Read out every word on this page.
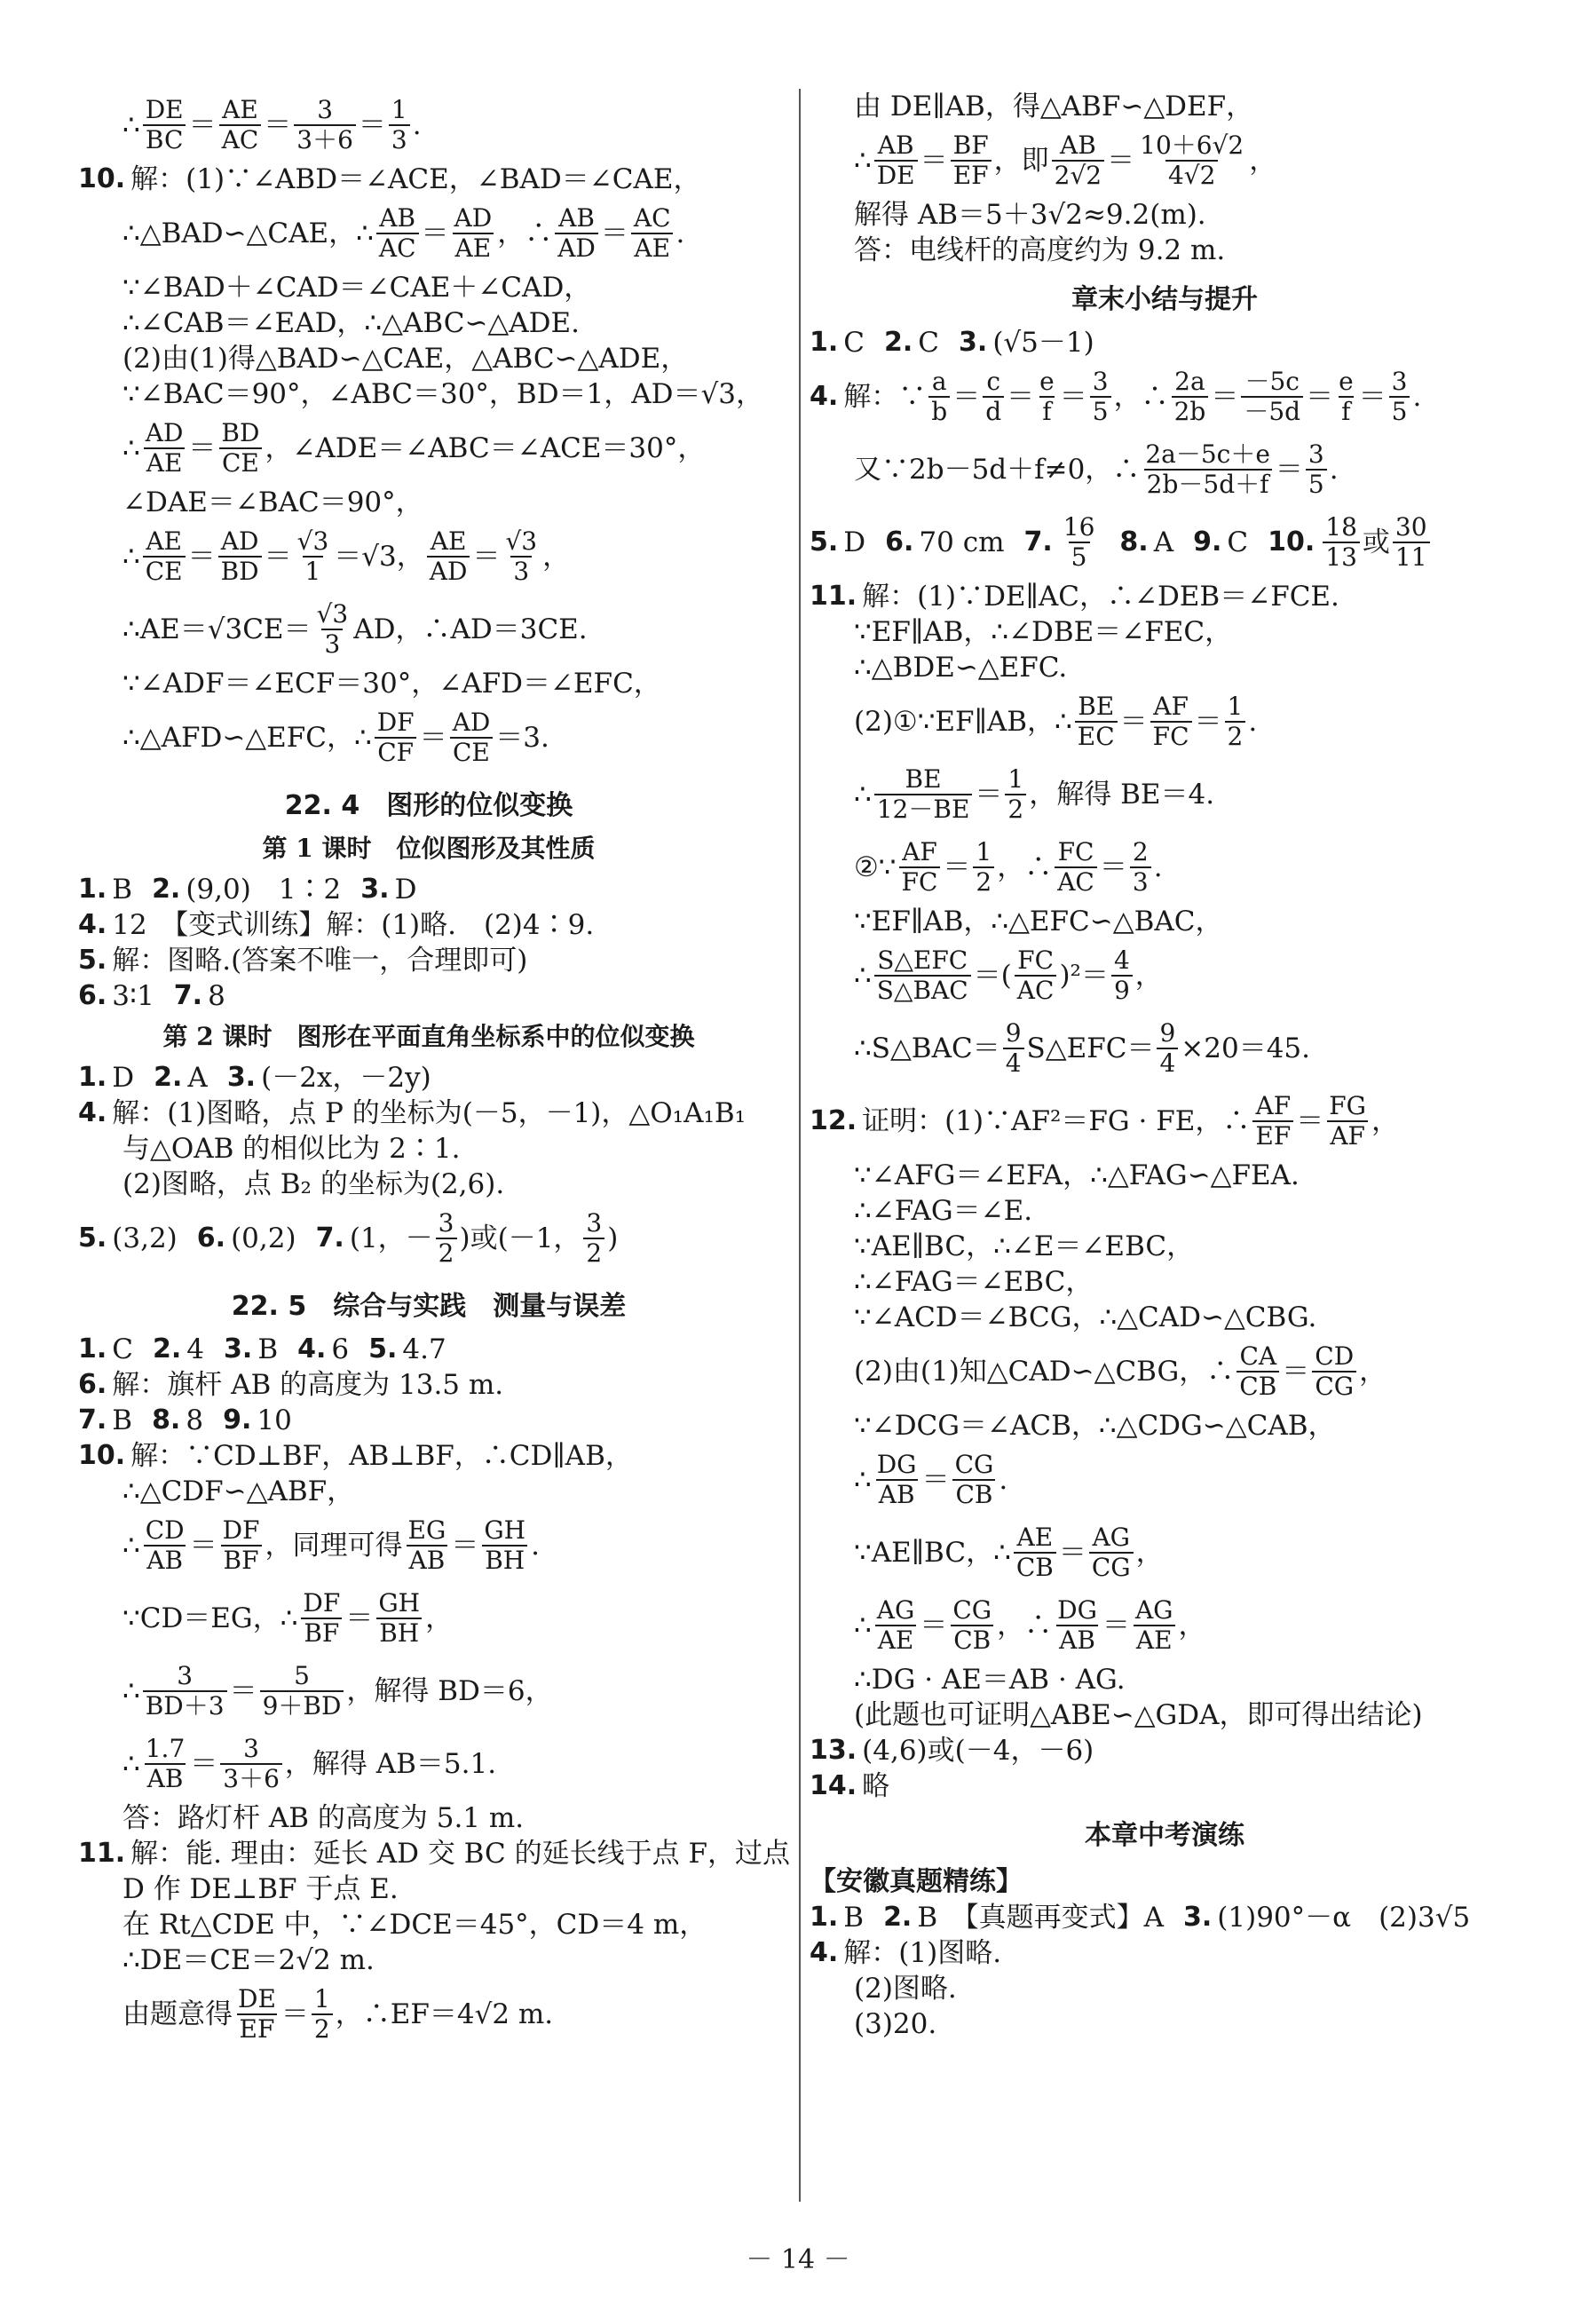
∴ $\frac{DE}{BC} = \frac{AE}{AC} = \frac{3}{3+6} = \frac{1}{3}$ .
10. 解：(1)∵∠ABD＝∠ACE，∠BAD＝∠CAE，
∴△BAD∽△CAE，∴ $\frac{AB}{AC} = \frac{AD}{AE}$ ，∴ $\frac{AB}{AD} = \frac{AC}{AE}$ .
∵∠BAD＋∠CAD＝∠CAE＋∠CAD，
∴∠CAB＝∠EAD，∴△ABC∽△ADE.
(2)由(1)得△BAD∽△CAE，△ABC∽△ADE，
∵∠BAC＝90°，∠ABC＝30°，BD＝1，AD＝√3，
∴ $\frac{AD}{AE} = \frac{BD}{CE}$ ，∠ADE＝∠ABC＝∠ACE＝30°，
∠DAE＝∠BAC＝90°，
∴ $\frac{AE}{CE} = \frac{AD}{BD} = \frac{√3}{1} =√3$， $\frac{AE}{AD} = \frac{√3}{3}$ ，
∴AE＝√3CE＝ $\frac{√3}{3}$ AD，∴AD＝3CE.
∵∠ADF＝∠ECF＝30°，∠AFD＝∠EFC，
∴△AFD∽△EFC，∴ $\frac{DF}{CF} = \frac{AD}{CE} =3$.
22. 4　图形的位似变换
第 1 课时　位似图形及其性质
1. B 2. (9,0)　1∶2 3. D
4. 12　【变式训练】解：(1)略.　(2)4∶9.
5. 解：图略.(答案不唯一，合理即可)
6. 3∶1 7. 8
第 2 课时　图形在平面直角坐标系中的位似变换
1. D 2. A 3. (－2x，－2y)
4. 解：(1)图略，点 P 的坐标为(－5，－1)，△O₁A₁B₁
与△OAB 的相似比为 2∶1.
(2)图略，点 B₂ 的坐标为(2,6).
5. (3,2) 6. (0,2) 7. (1，－ $\frac{3}{2}$ )或(－1， $\frac{3}{2}$ )
22. 5　综合与实践　测量与误差
1. C 2. 4 3. B 4. 6 5. 4.7
6. 解：旗杆 AB 的高度为 13.5 m.
7. B 8. 8 9. 10
10. 解：∵CD⊥BF，AB⊥BF，∴CD∥AB，
∴△CDF∽△ABF，
∴ $\frac{CD}{AB} = \frac{DF}{BF}$ ，同理可得 $\frac{EG}{AB} = \frac{GH}{BH}$ .
∵CD＝EG，∴ $\frac{DF}{BF} = \frac{GH}{BH}$ ，
∴ $\frac{3}{BD+3} = \frac{5}{9+BD}$ ，解得 BD＝6，
∴ $\frac{1.7}{AB} = \frac{3}{3+6}$ ，解得 AB＝5.1.
答：路灯杆 AB 的高度为 5.1 m.
11. 解：能. 理由：延长 AD 交 BC 的延长线于点 F，过点
D 作 DE⊥BF 于点 E.
在 Rt△CDE 中，∵∠DCE＝45°，CD＝4 m，
∴DE＝CE＝2√2 m.
由题意得 $\frac{DE}{EF} = \frac{1}{2}$ ，∴EF＝4√2 m.
由 DE∥AB，得△ABF∽△DEF，
∴ $\frac{AB}{DE} = \frac{BF}{EF}$ ，即 $\frac{AB}{2√2} = \frac{10+6√2}{4√2}$ ，
解得 AB＝5＋3√2≈9.2(m).
答：电线杆的高度约为 9.2 m.
章末小结与提升
1. C 2. C 3. (√5－1)
4. 解：∵ $\frac{a}{b} = \frac{c}{d} = \frac{e}{f} = \frac{3}{5}$ ，∴ $\frac{2a}{2b} = \frac{-5c}{-5d} = \frac{e}{f} = \frac{3}{5}$ .
又∵2b－5d＋f≠0，∴ $\frac{2a-5c+e}{2b-5d+f} = \frac{3}{5}$ .
5. D 6. 70 cm 7. $\frac{16}{5} 8$. A 9. C 10. $\frac{18}{13}$ 或 $\frac{30}{11}$
11. 解：(1)∵DE∥AC，∴∠DEB＝∠FCE.
∵EF∥AB，∴∠DBE＝∠FEC，
∴△BDE∽△EFC.
(2)①∵EF∥AB，∴ $\frac{BE}{EC} = \frac{AF}{FC} = \frac{1}{2}$ .
∴ $\frac{BE}{12-BE} = \frac{1}{2}$ ，解得 BE＝4.
②∵ $\frac{AF}{FC} = \frac{1}{2}$ ，∴ $\frac{FC}{AC} = \frac{2}{3}$ .
∵EF∥AB，∴△EFC∽△BAC，
∴ $\frac{\text{S△EFC}}{\text{S△BAC}}$ ＝( $\frac{FC}{AC} )^2= \frac{4}{9}$ ，
∴S△BAC＝ $\frac{9}{4}$ S△EFC＝ $\frac{9}{4} \times 20=45$.
12. 证明：(1)∵AF²＝FG · FE，∴ $\frac{AF}{EF} = \frac{FG}{AF}$ ，
∵∠AFG＝∠EFA，∴△FAG∽△FEA.
∴∠FAG＝∠E.
∵AE∥BC，∴∠E＝∠EBC，
∴∠FAG＝∠EBC，
∵∠ACD＝∠BCG，∴△CAD∽△CBG.
(2)由(1)知△CAD∽△CBG，∴ $\frac{CA}{CB} = \frac{CD}{CG}$ ，
∵∠DCG＝∠ACB，∴△CDG∽△CAB，
∴ $\frac{DG}{AB} = \frac{CG}{CB}$ .
∵AE∥BC，∴ $\frac{AE}{CB} = \frac{AG}{CG}$ ，
∴ $\frac{AG}{AE} = \frac{CG}{CB}$ ，∴ $\frac{DG}{AB} = \frac{AG}{AE}$ ，
∴DG · AE＝AB · AG.
(此题也可证明△ABE∽△GDA，即可得出结论)
13. (4,6)或(－4，－6)
14. 略
本章中考演练
【安徽真题精练】
1. B 2. B　【真题再变式】A 3. (1)90°－α　(2)3√5
4. 解：(1)图略.
(2)图略.
(3)20.
－ 14 －
